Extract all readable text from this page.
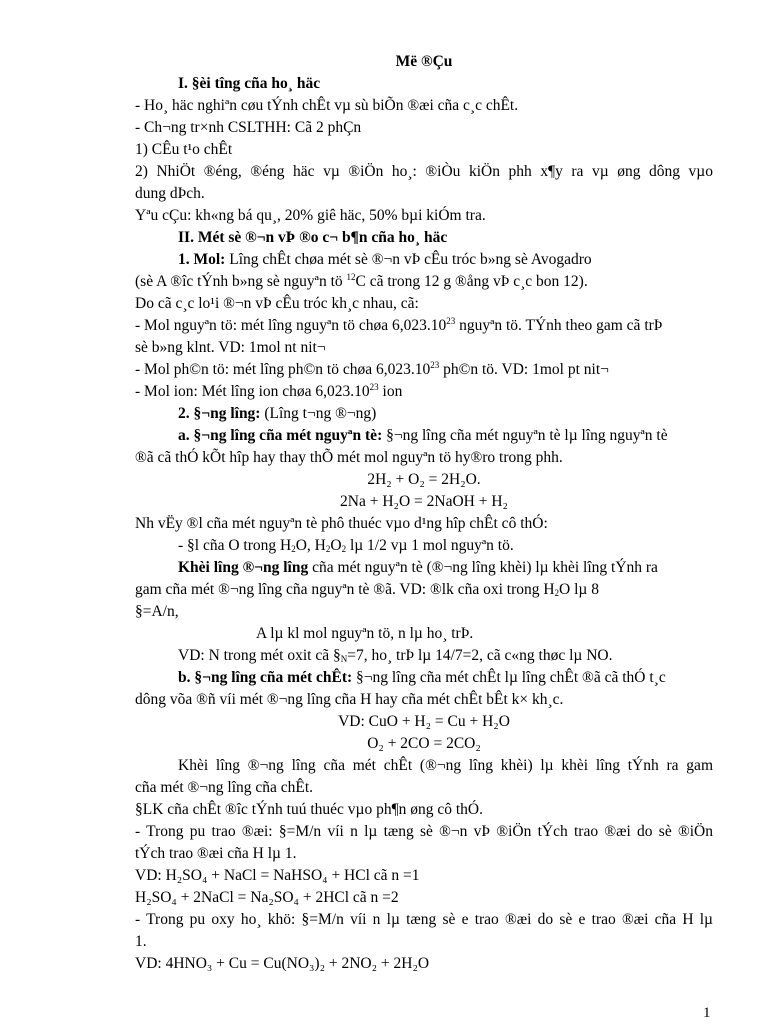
Më ®Çu
I. §èi tîng cña ho¸ häc
- Ho¸ häc nghiªn cøu tÝnh chÊt vµ sù biÕn ®æi cña c¸c chÊt.
- Ch¬ng tr×nh CSLTHH: Cã 2 phÇn
1) CÊu t¹o chÊt
2) NhiÖt ®éng, ®éng häc vµ ®iÖn ho¸: ®iÒu kiÖn phh x¶y ra vµ øng dông vµo
dung dÞch.
Yªu cÇu: kh«ng bá qu¸, 20% giê häc, 50% bµi kiÓm tra.
II. Mét sè ®¬n vÞ ®o c¬ b¶n cña ho¸ häc
1. Mol: Lîng chÊt chøa mét sè ®¬n vÞ cÊu tróc b»ng sè Avogadro
(sè A ®îc tÝnh b»ng sè nguyªn tö $^{12}$C cã trong 12 g ®ång vÞ c¸c bon 12).
Do cã c¸c lo¹i ®¬n vÞ cÊu tróc kh¸c nhau, cã:
- Mol nguyªn tö: mét lîng nguyªn tö chøa 6,023.10$^{23}$ nguyªn tö. TÝnh theo gam cã trÞ
sè b»ng klnt. VD: 1mol nt nit¬
- Mol ph©n tö: mét lîng ph©n tö chøa 6,023.10$^{23}$ ph©n tö. VD: 1mol pt nit¬
- Mol ion: Mét lîng ion chøa 6,023.10$^{23}$ ion
2. §¬ng lîng: (Lîng t¬ng ®¬ng)
a. §¬ng lîng cña mét nguyªn tè: §¬ng lîng cña mét nguyªn tè lµ lîng nguyªn tè
®ã cã thÓ kÕt hîp hay thay thÕ mét mol nguyªn tö hy®ro trong phh.
2H₂ + O₂ = 2H₂O.
2Na + H₂O = 2NaOH + H₂
Nh vËy ®l cña mét nguyªn tè phô thuéc vµo d¹ng hîp chÊt cô thÓ:
- §l cña O trong $H_2O$, $H_2O_2$ lµ 1/2 vµ 1 mol nguyªn tö.
Khèi lîng ®¬ng lîng cña mét nguyªn tè (®¬ng lîng khèi) lµ khèi lîng tÝnh ra
gam cña mét ®¬ng lîng cña nguyªn tè ®ã. VD: ®lk cña oxi trong $H_2O$ lµ 8
§=A/n,
A lµ kl mol nguyªn tö, n lµ ho¸ trÞ.
VD: N trong mét oxit cã $\S_N=7$, ho¸ trÞ lµ 14/7=2, cã c«ng thøc lµ NO.
b. §¬ng lîng cña mét chÊt: §¬ng lîng cña mét chÊt lµ lîng chÊt ®ã cã thÓ t¸c
dông võa ®ñ víi mét ®¬ng lîng cña H hay cña mét chÊt bÊt k× kh¸c.
VD: CuO + H₂ = Cu + H₂O
O₂ + 2CO = 2CO₂
Khèi lîng ®¬ng lîng cña mét chÊt (®¬ng lîng khèi) lµ khèi lîng tÝnh ra gam
cña mét ®¬ng lîng cña chÊt.
§LK cña chÊt ®îc tÝnh tuú thuéc vµo ph¶n øng cô thÓ.
- Trong pu trao ®æi: §=M/n víi n lµ tæng sè ®¬n vÞ ®iÖn tÝch trao ®æi do sè ®iÖn
tÝch trao ®æi cña H lµ 1.
VD: H₂SO₄ + NaCl = NaHSO₄ + HCl cã n =1
H₂SO₄ + 2NaCl = Na₂SO₄ + 2HCl cã n =2
- Trong pu oxy ho¸ khö: §=M/n víi n lµ tæng sè e trao ®æi do sè e trao ®æi cña H lµ
1.
VD: 4HNO₃ + Cu = Cu(NO₃)₂ + 2NO₂ + 2H₂O
1
